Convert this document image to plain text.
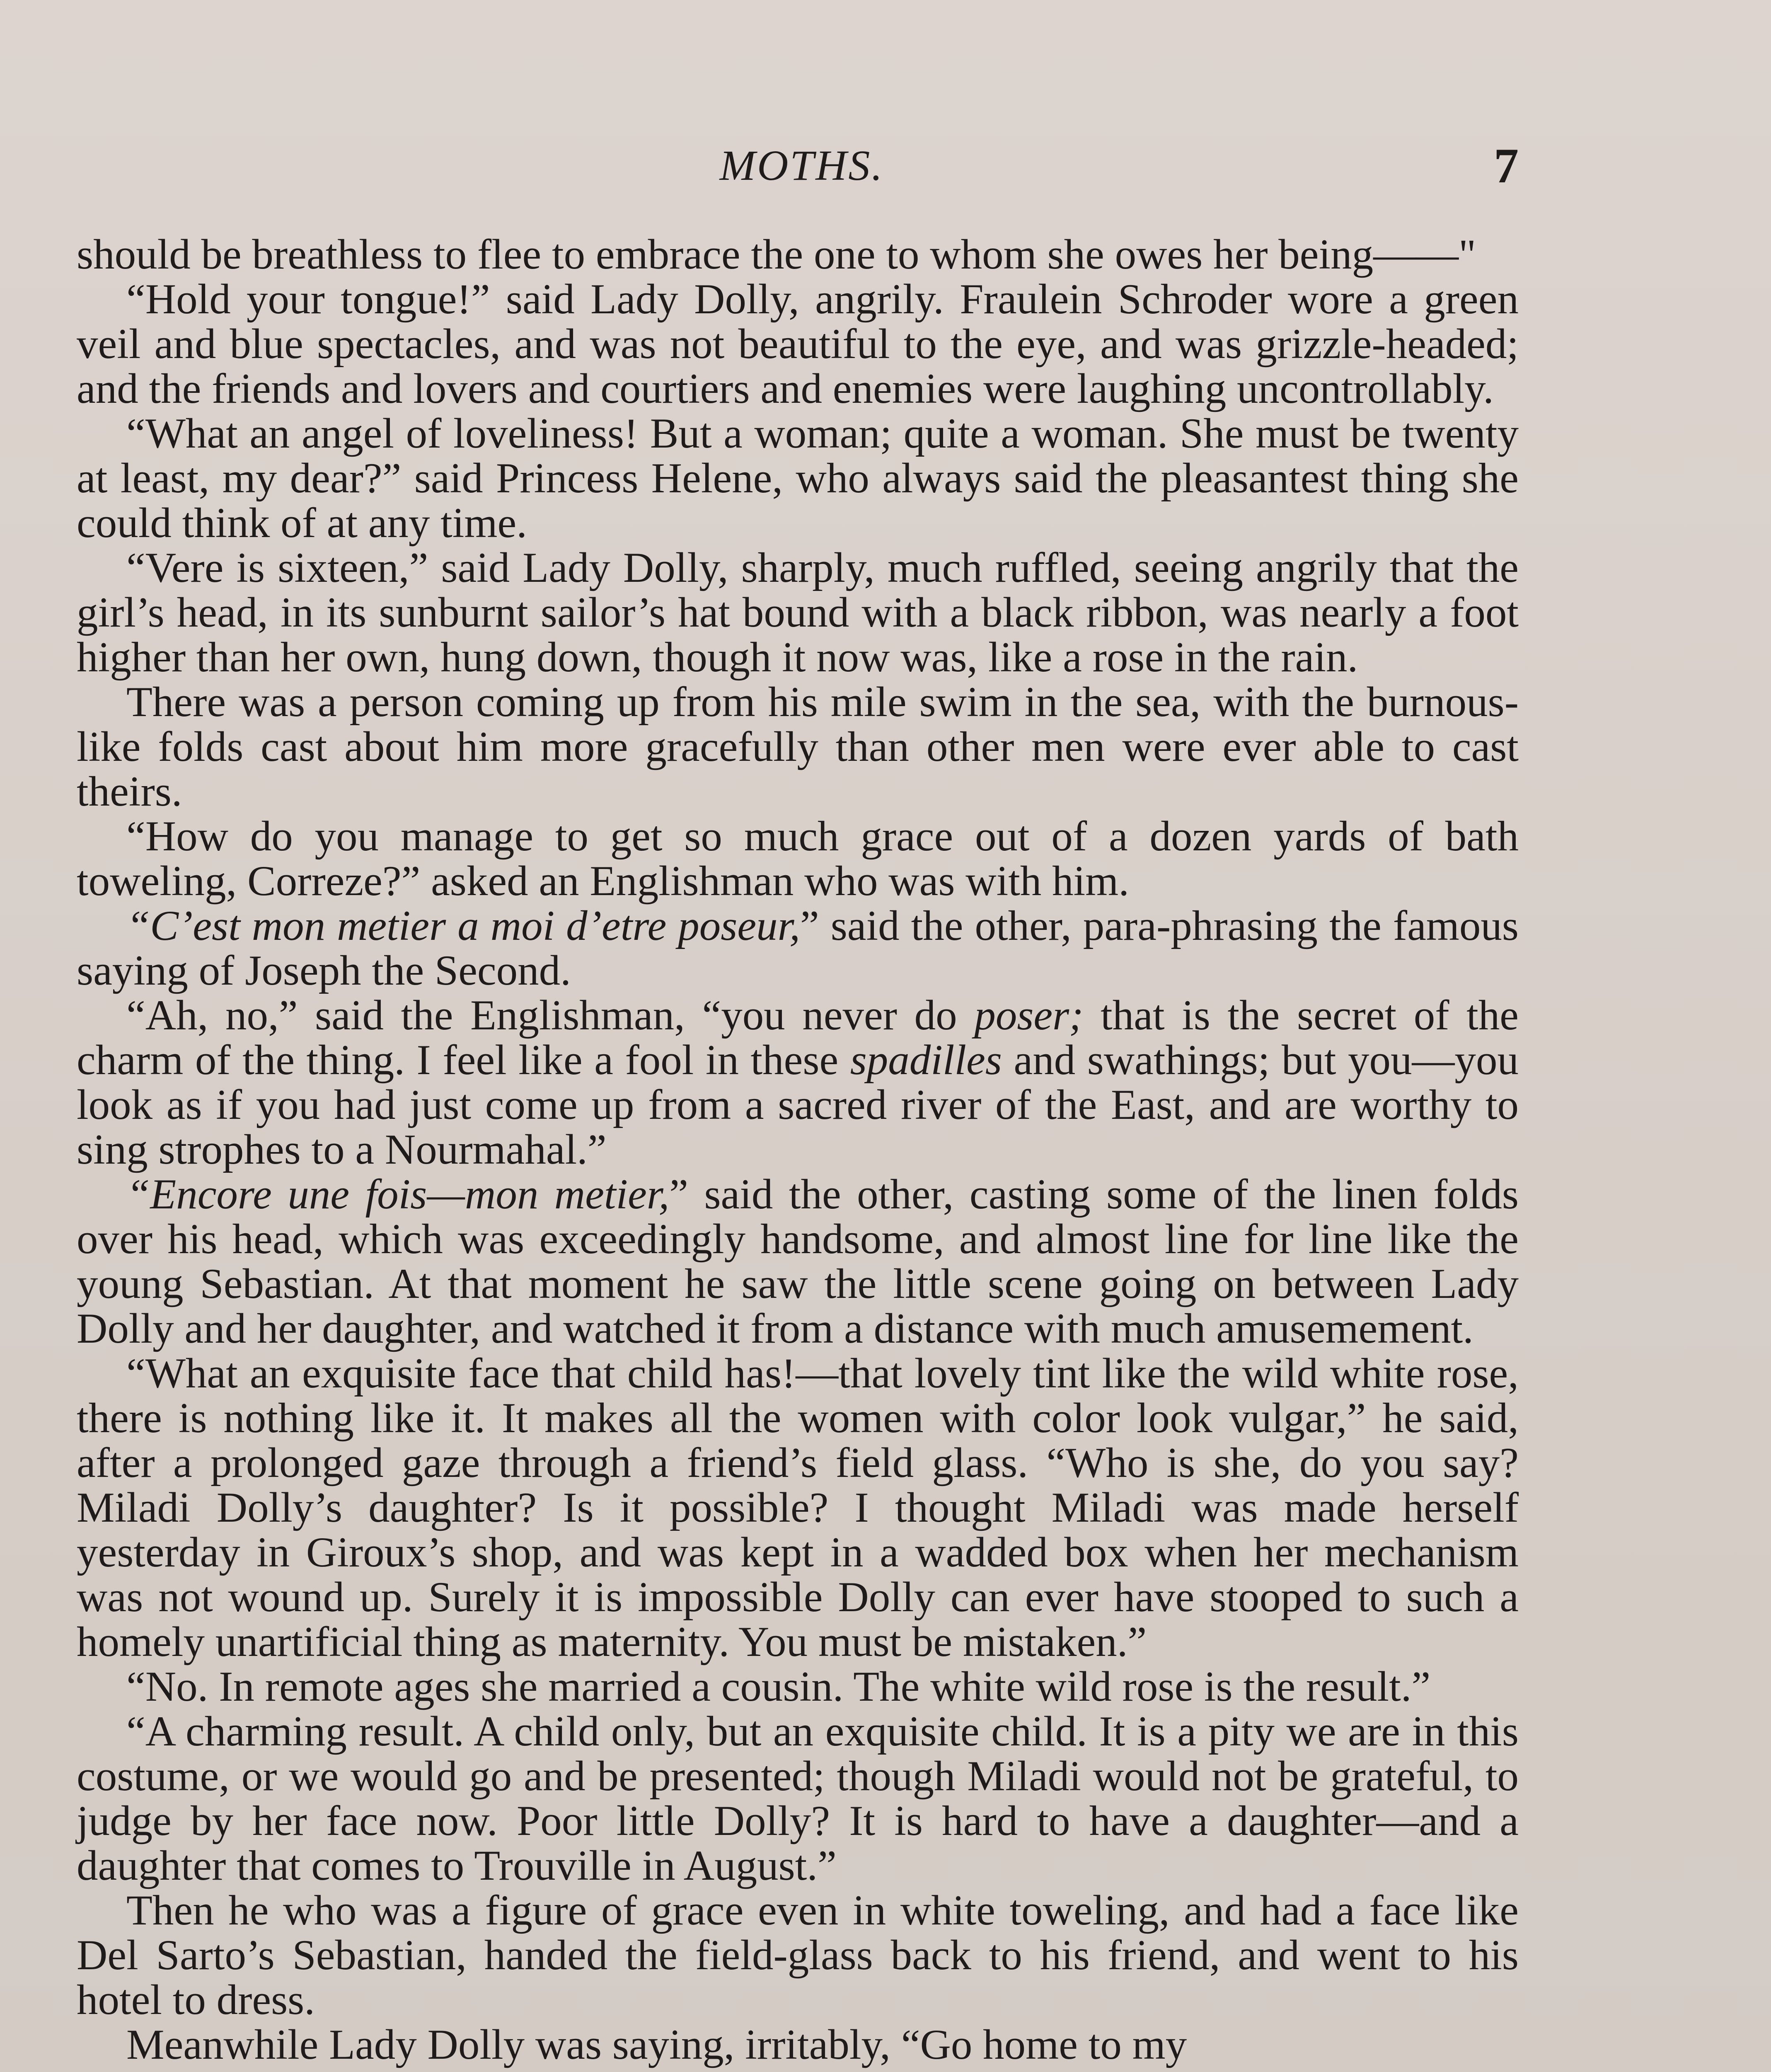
MOTHS.	7

should be breathless to flee to embrace the one to whom she owes her being——"

“Hold your tongue!” said Lady Dolly, angrily. Fraulein Schroder wore a green veil and blue spectacles, and was not beautiful to the eye, and was grizzle-headed; and the friends and lovers and courtiers and enemies were laughing uncontrollably.

“What an angel of loveliness! But a woman; quite a woman. She must be twenty at least, my dear?” said Princess Helene, who always said the pleasantest thing she could think of at any time.

“Vere is sixteen,” said Lady Dolly, sharply, much ruffled, seeing angrily that the girl’s head, in its sunburnt sailor’s hat bound with a black ribbon, was nearly a foot higher than her own, hung down, though it now was, like a rose in the rain.

There was a person coming up from his mile swim in the sea, with the burnous-like folds cast about him more gracefully than other men were ever able to cast theirs.

“How do you manage to get so much grace out of a dozen yards of bath toweling, Correze?” asked an Englishman who was with him.

“C’est mon metier a moi d’etre poseur,” said the other, para-phrasing the famous saying of Joseph the Second.

“Ah, no,” said the Englishman, “you never do poser; that is the secret of the charm of the thing. I feel like a fool in these spadilles and swathings; but you—you look as if you had just come up from a sacred river of the East, and are worthy to sing strophes to a Nourmahal.”

“Encore une fois—mon metier,” said the other, casting some of the linen folds over his head, which was exceedingly handsome, and almost line for line like the young Sebastian. At that moment he saw the little scene going on between Lady Dolly and her daughter, and watched it from a distance with much amusemement.

“What an exquisite face that child has!—that lovely tint like the wild white rose, there is nothing like it. It makes all the women with color look vulgar,” he said, after a prolonged gaze through a friend’s field glass. “Who is she, do you say? Miladi Dolly’s daughter? Is it possible? I thought Miladi was made herself yesterday in Giroux’s shop, and was kept in a wadded box when her mechanism was not wound up. Surely it is impossible Dolly can ever have stooped to such a homely unartificial thing as maternity. You must be mistaken.”

“No. In remote ages she married a cousin. The white wild rose is the result.”

“A charming result. A child only, but an exquisite child. It is a pity we are in this costume, or we would go and be presented; though Miladi would not be grateful, to judge by her face now. Poor little Dolly? It is hard to have a daughter—and a daughter that comes to Trouville in August.”

Then he who was a figure of grace even in white toweling, and had a face like Del Sarto’s Sebastian, handed the field-glass back to his friend, and went to his hotel to dress.

Meanwhile Lady Dolly was saying, irritably, “Go home to my
